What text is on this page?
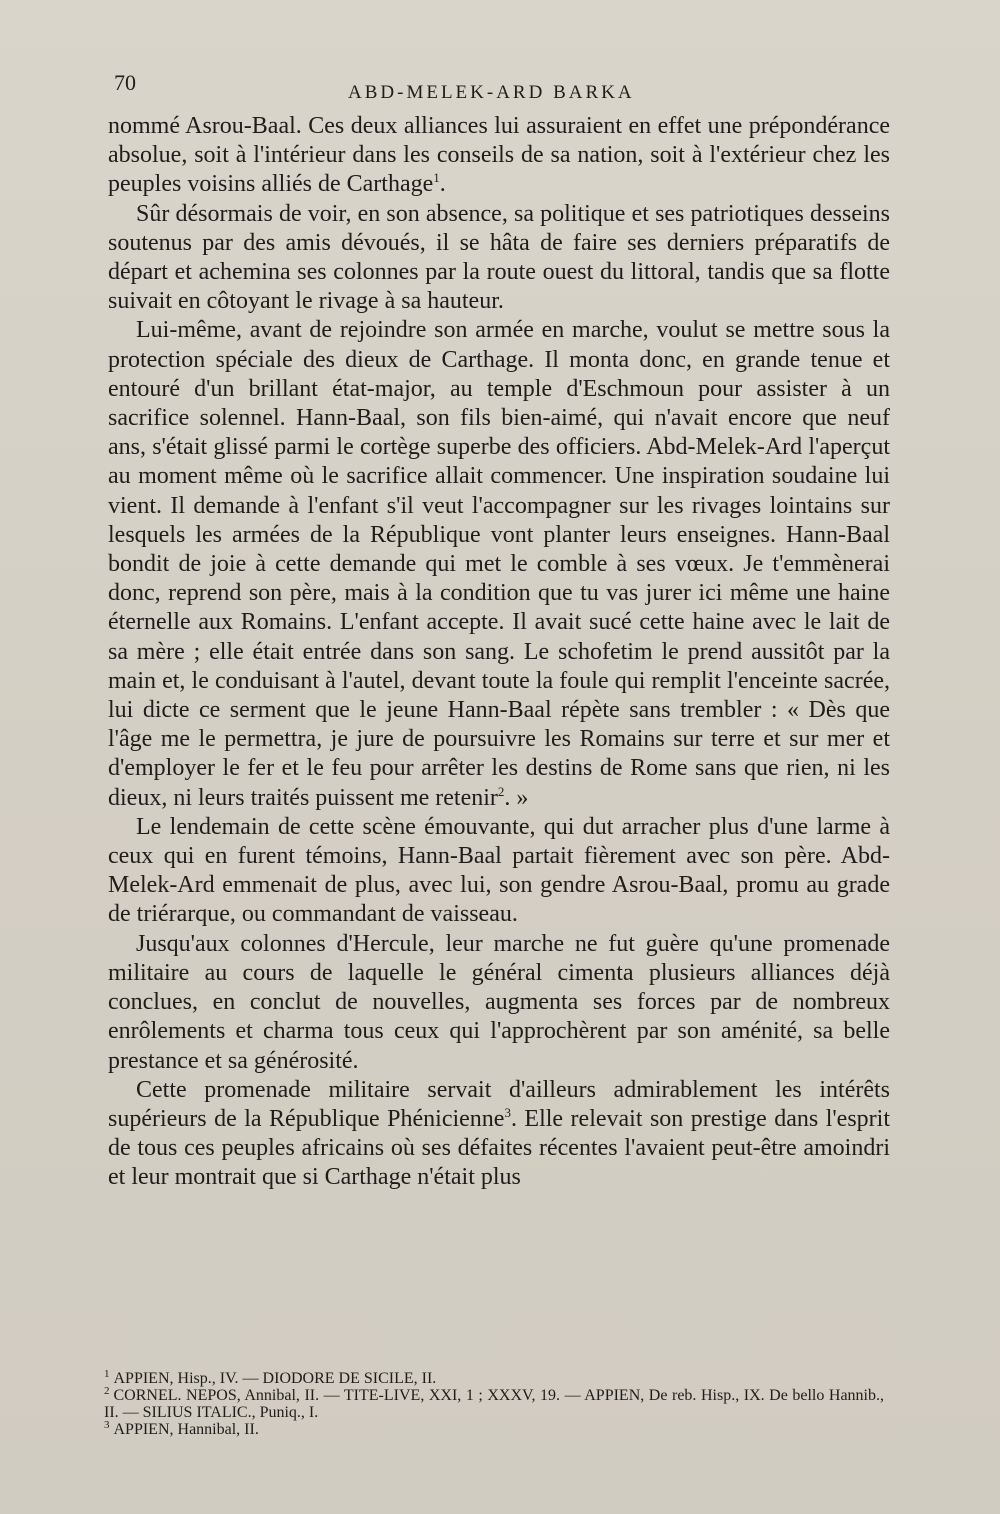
70	ABD-MELEK-ARD BARKA

nommé Asrou-Baal. Ces deux alliances lui assuraient en effet une prépondérance absolue, soit à l'intérieur dans les conseils de sa nation, soit à l'extérieur chez les peuples voisins alliés de Carthage$^1$.

Sûr désormais de voir, en son absence, sa politique et ses patriotiques desseins soutenus par des amis dévoués, il se hâta de faire ses derniers préparatifs de départ et achemina ses colonnes par la route ouest du littoral, tandis que sa flotte suivait en côtoyant le rivage à sa hauteur.

Lui-même, avant de rejoindre son armée en marche, voulut se mettre sous la protection spéciale des dieux de Carthage. Il monta donc, en grande tenue et entouré d'un brillant état-major, au temple d'Eschmoun pour assister à un sacrifice solennel. Hann-Baal, son fils bien-aimé, qui n'avait encore que neuf ans, s'était glissé parmi le cortège superbe des officiers. Abd-Melek-Ard l'aperçut au moment même où le sacrifice allait commencer. Une inspiration soudaine lui vient. Il demande à l'enfant s'il veut l'accompagner sur les rivages lointains sur lesquels les armées de la République vont planter leurs enseignes. Hann-Baal bondit de joie à cette demande qui met le comble à ses vœux. Je t'emmènerai donc, reprend son père, mais à la condition que tu vas jurer ici même une haine éternelle aux Romains. L'enfant accepte. Il avait sucé cette haine avec le lait de sa mère ; elle était entrée dans son sang. Le schofetim le prend aussitôt par la main et, le conduisant à l'autel, devant toute la foule qui remplit l'enceinte sacrée, lui dicte ce serment que le jeune Hann-Baal répète sans trembler : « Dès que l'âge me le permettra, je jure de poursuivre les Romains sur terre et sur mer et d'employer le fer et le feu pour arrêter les destins de Rome sans que rien, ni les dieux, ni leurs traités puissent me retenir$^2$. »

Le lendemain de cette scène émouvante, qui dut arracher plus d'une larme à ceux qui en furent témoins, Hann-Baal partait fièrement avec son père. Abd-Melek-Ard emmenait de plus, avec lui, son gendre Asrou-Baal, promu au grade de triérarque, ou commandant de vaisseau.

Jusqu'aux colonnes d'Hercule, leur marche ne fut guère qu'une promenade militaire au cours de laquelle le général cimenta plusieurs alliances déjà conclues, en conclut de nouvelles, augmenta ses forces par de nombreux enrôlements et charma tous ceux qui l'approchèrent par son aménité, sa belle prestance et sa générosité.

Cette promenade militaire servait d'ailleurs admirablement les intérêts supérieurs de la République Phénicienne$^3$. Elle relevait son prestige dans l'esprit de tous ces peuples africains où ses défaites récentes l'avaient peut-être amoindri et leur montrait que si Carthage n'était plus

$^1$ APPIEN, Hisp., IV. — DIODORE DE SICILE, II.
$^2$ CORNEL. NEPOS, Annibal, II. — TITE-LIVE, XXI, 1 ; XXXV, 19. — APPIEN, De reb. Hisp., IX. De bello Hannib., II. — SILIUS ITALIC., Puniq., I.
$^3$ APPIEN, Hannibal, II.
